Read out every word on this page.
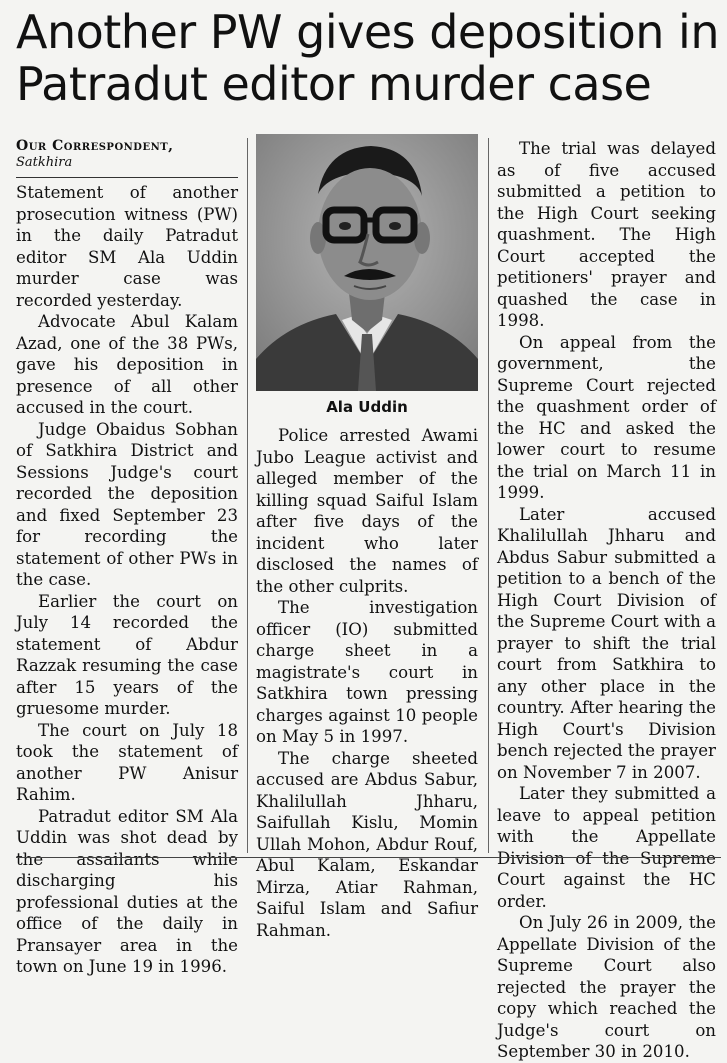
Another PW gives deposition in
Patradut editor murder case
Our Correspondent,
Satkhira

Statement of another prosecution witness (PW) in the daily Patradut editor SM Ala Uddin murder case was recorded yesterday.

Advocate Abul Kalam Azad, one of the 38 PWs, gave his deposition in presence of all other accused in the court.

Judge Obaidus Sobhan of Satkhira District and Sessions Judge's court recorded the deposition and fixed September 23 for recording the statement of other PWs in the case.

Earlier the court on July 14 recorded the statement of Abdur Razzak resuming the case after 15 years of the gruesome murder.

The court on July 18 took the statement of another PW Anisur Rahim.

Patradut editor SM Ala Uddin was shot dead by the assailants while discharging his professional duties at the office of the daily in Pransayer area in the town on June 19 in 1996.

Ala Uddin

Police arrested Awami Jubo League activist and alleged member of the killing squad Saiful Islam after five days of the incident who later disclosed the names of the other culprits.

The investigation officer (IO) submitted charge sheet in a magistrate's court in Satkhira town pressing charges against 10 people on May 5 in 1997.

The charge sheeted accused are Abdus Sabur, Khalilullah Jhharu, Saifullah Kislu, Momin Ullah Mohon, Abdur Rouf, Abul Kalam, Eskandar Mirza, Atiar Rahman, Saiful Islam and Safiur Rahman.

The trial was delayed as of five accused submitted a petition to the High Court seeking quashment. The High Court accepted the petitioners' prayer and quashed the case in 1998.

On appeal from the government, the Supreme Court rejected the quashment order of the HC and asked the lower court to resume the trial on March 11 in 1999.

Later accused Khalilullah Jhharu and Abdus Sabur submitted a petition to a bench of the High Court Division of the Supreme Court with a prayer to shift the trial court from Satkhira to any other place in the country. After hearing the High Court's Division bench rejected the prayer on November 7 in 2007.

Later they submitted a leave to appeal petition with the Appellate Division of the Supreme Court against the HC order.

On July 26 in 2009, the Appellate Division of the Supreme Court also rejected the prayer the copy which reached the Judge's court on September 30 in 2010.
